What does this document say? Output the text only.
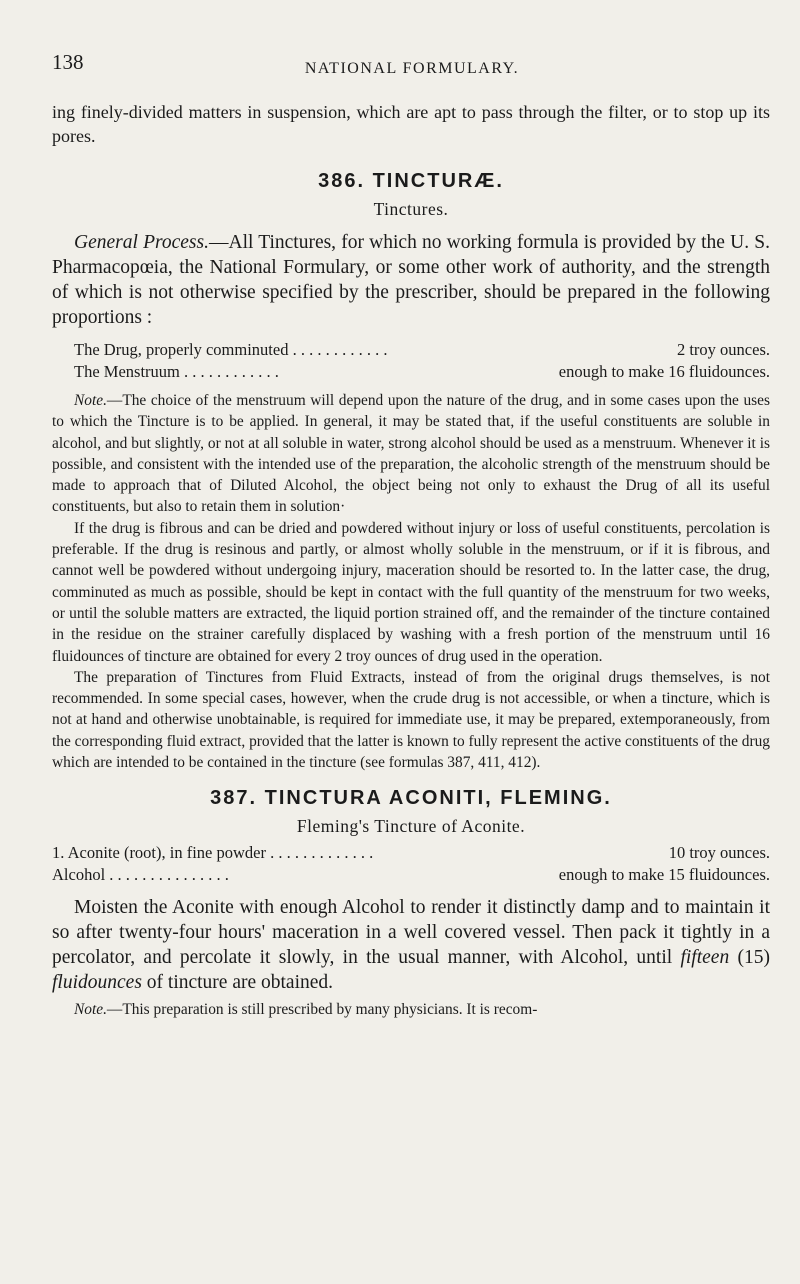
138	NATIONAL FORMULARY.

ing finely-divided matters in suspension, which are apt to pass through the filter, or to stop up its pores.

386. TINCTURÆ.
Tinctures.

General Process.—All Tinctures, for which no working formula is provided by the U. S. Pharmacopœia, the National Formulary, or some other work of authority, and the strength of which is not otherwise specified by the prescriber, should be prepared in the following proportions :

The Drug, properly comminuted . . . . . . . . . . . .	2 troy ounces.
The Menstruum . . . . . . . . . . . .	enough to make 16 fluidounces.

Note.—The choice of the menstruum will depend upon the nature of the drug, and in some cases upon the uses to which the Tincture is to be applied. In general, it may be stated that, if the useful constituents are soluble in alcohol, and but slightly, or not at all soluble in water, strong alcohol should be used as a menstruum. Whenever it is possible, and consistent with the intended use of the preparation, the alcoholic strength of the menstruum should be made to approach that of Diluted Alcohol, the object being not only to exhaust the Drug of all its useful constituents, but also to retain them in solution·

If the drug is fibrous and can be dried and powdered without injury or loss of useful constituents, percolation is preferable. If the drug is resinous and partly, or almost wholly soluble in the menstruum, or if it is fibrous, and cannot well be powdered without undergoing injury, maceration should be resorted to. In the latter case, the drug, comminuted as much as possible, should be kept in contact with the full quantity of the menstruum for two weeks, or until the soluble matters are extracted, the liquid portion strained off, and the remainder of the tincture contained in the residue on the strainer carefully displaced by washing with a fresh portion of the menstruum until 16 fluidounces of tincture are obtained for every 2 troy ounces of drug used in the operation.

The preparation of Tinctures from Fluid Extracts, instead of from the original drugs themselves, is not recommended. In some special cases, however, when the crude drug is not accessible, or when a tincture, which is not at hand and otherwise unobtainable, is required for immediate use, it may be prepared, extemporaneously, from the corresponding fluid extract, provided that the latter is known to fully represent the active constituents of the drug which are intended to be contained in the tincture (see formulas 387, 411, 412).

387. TINCTURA ACONITI, FLEMING.
Fleming's Tincture of Aconite.
1. Aconite (root), in fine powder . . . . . . . . . . . . .	10 troy ounces.
Alcohol . . . . . . . . . . . . . . .	enough to make 15 fluidounces.

Moisten the Aconite with enough Alcohol to render it distinctly damp and to maintain it so after twenty-four hours' maceration in a well covered vessel. Then pack it tightly in a percolator, and percolate it slowly, in the usual manner, with Alcohol, until fifteen (15) fluidounces of tincture are obtained.

Note.—This preparation is still prescribed by many physicians. It is recom-
